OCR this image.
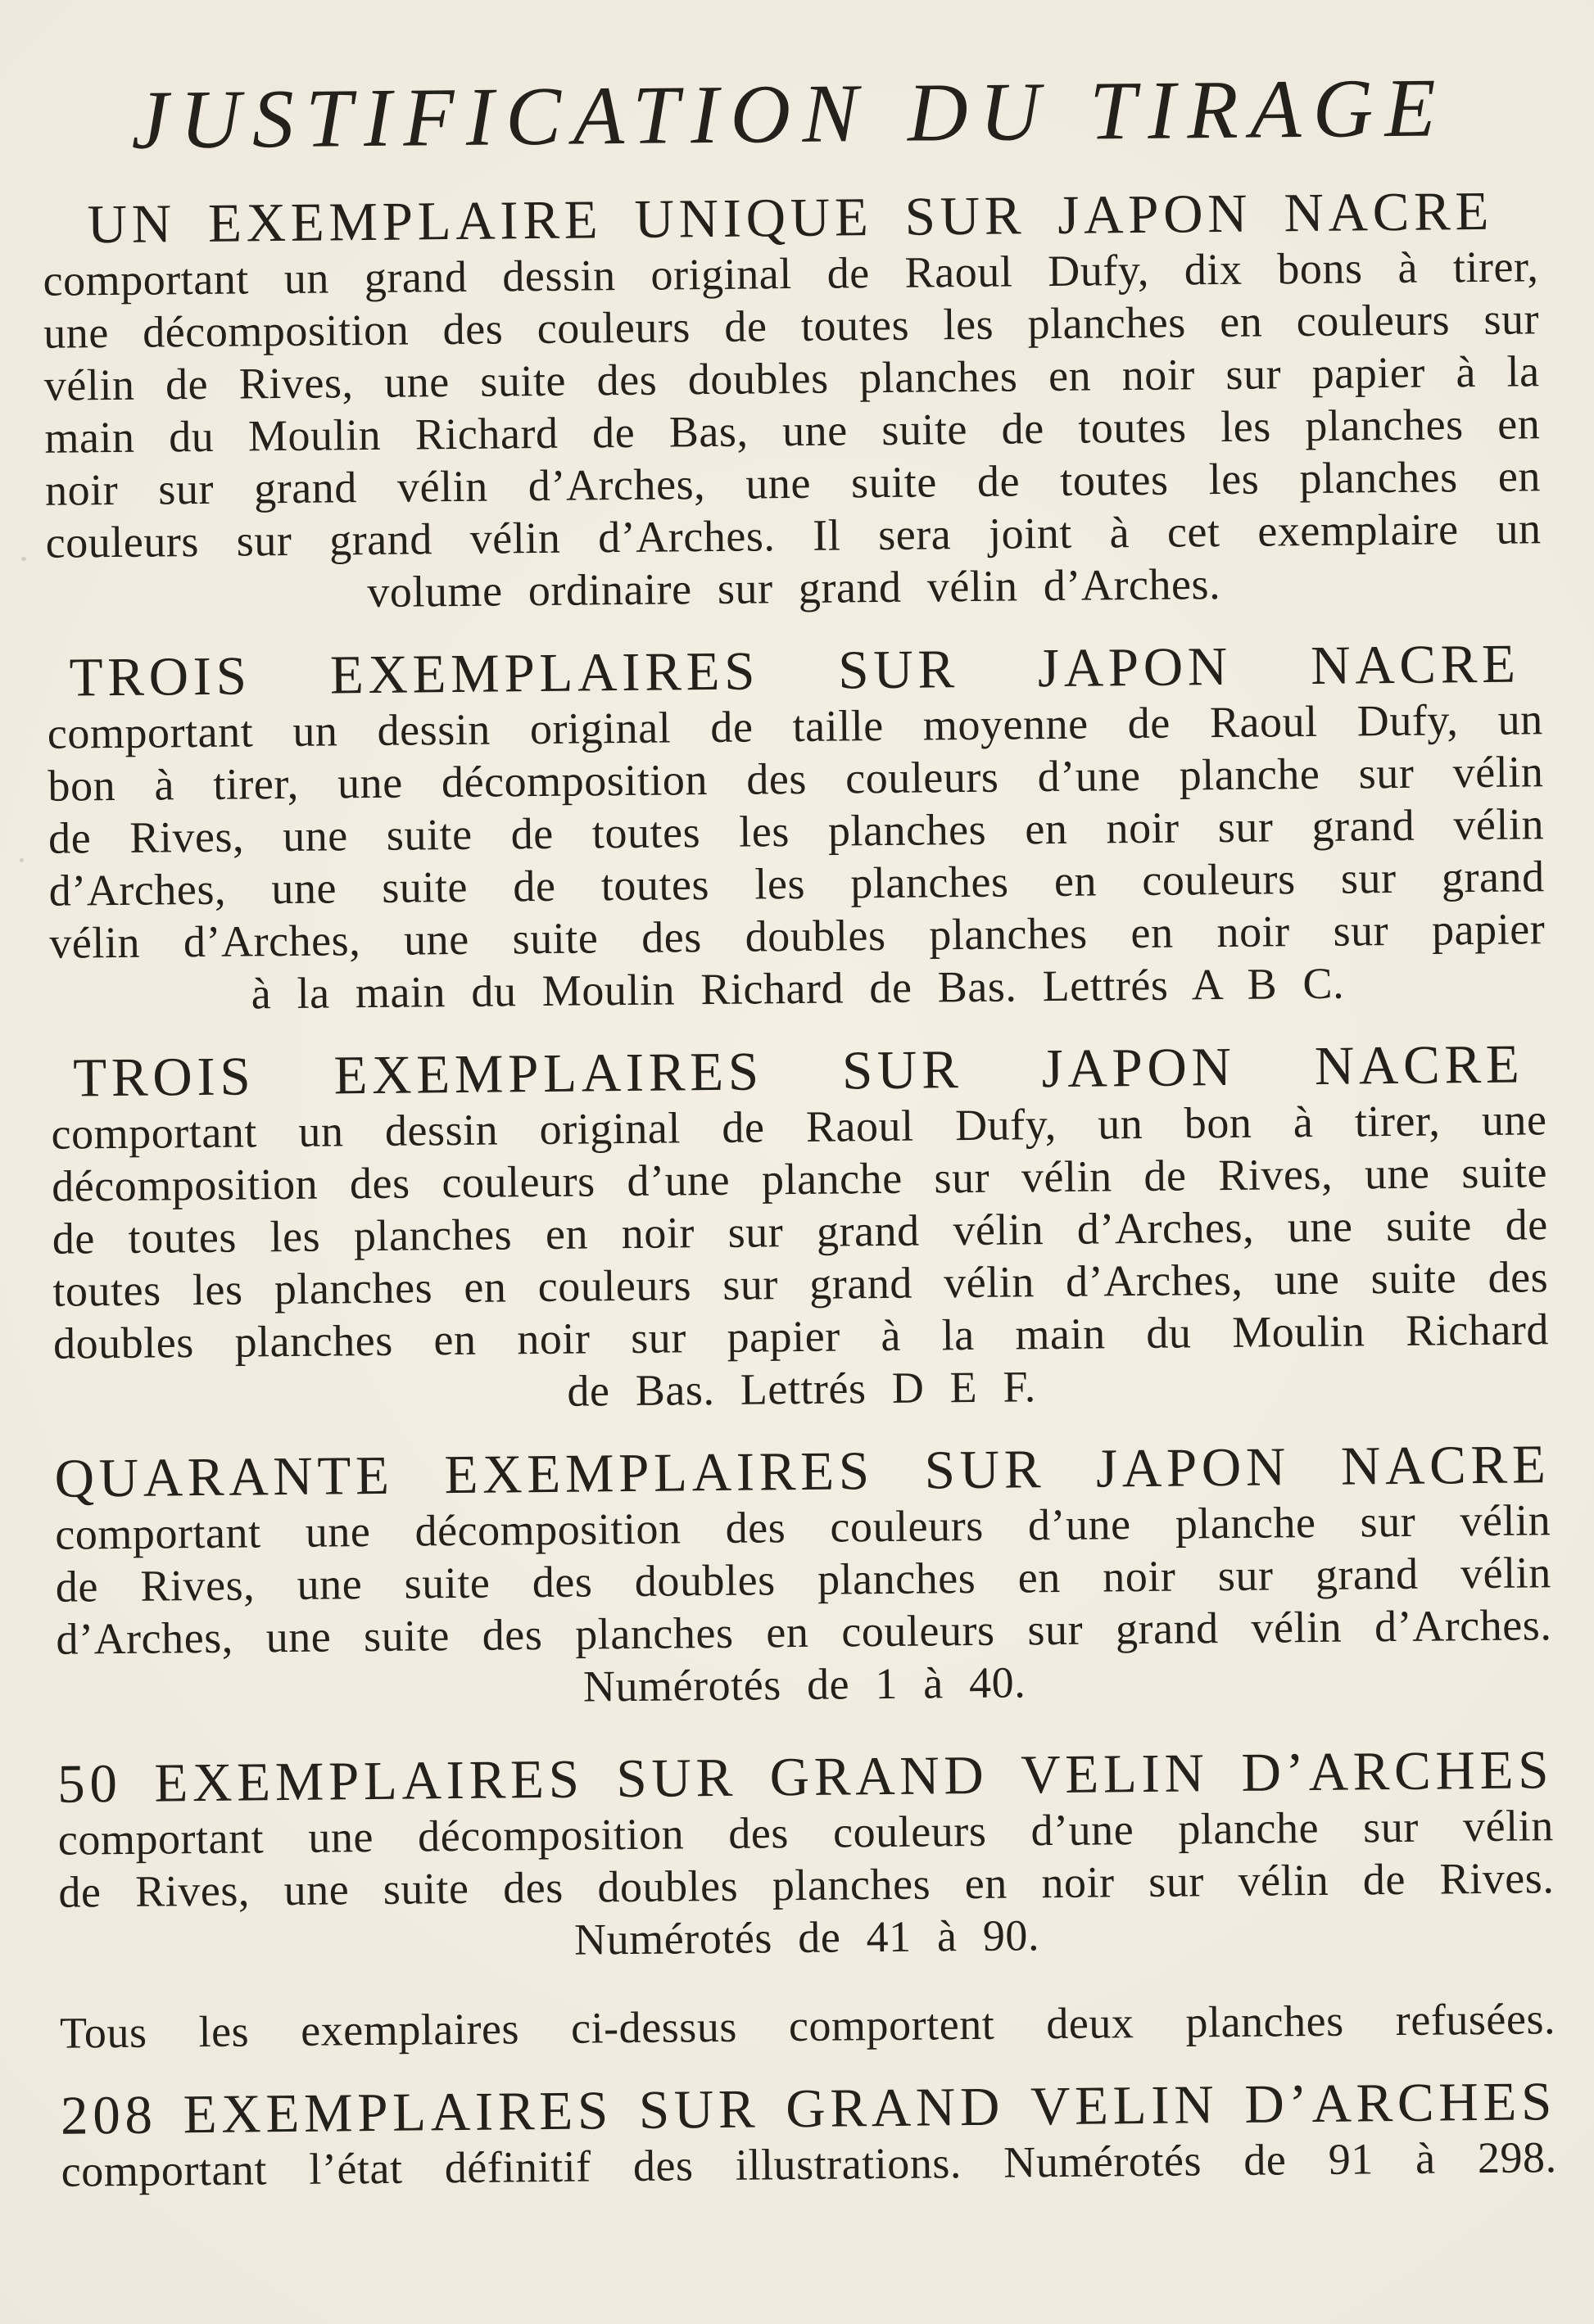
JUSTIFICATION DU TIRAGE
UN EXEMPLAIRE UNIQUE SUR JAPON NACRE
comportant un grand dessin original de Raoul Dufy, dix bons à tirer,
une décomposition des couleurs de toutes les planches en couleurs sur
vélin de Rives, une suite des doubles planches en noir sur papier à la
main du Moulin Richard de Bas, une suite de toutes les planches en
noir sur grand vélin d’Arches, une suite de toutes les planches en
couleurs sur grand vélin d’Arches. Il sera joint à cet exemplaire un
volume ordinaire sur grand vélin d’Arches.
TROIS EXEMPLAIRES SUR JAPON NACRE
comportant un dessin original de taille moyenne de Raoul Dufy, un
bon à tirer, une décomposition des couleurs d’une planche sur vélin
de Rives, une suite de toutes les planches en noir sur grand vélin
d’Arches, une suite de toutes les planches en couleurs sur grand
vélin d’Arches, une suite des doubles planches en noir sur papier
à la main du Moulin Richard de Bas. Lettrés A B C.
TROIS EXEMPLAIRES SUR JAPON NACRE
comportant un dessin original de Raoul Dufy, un bon à tirer, une
décomposition des couleurs d’une planche sur vélin de Rives, une suite
de toutes les planches en noir sur grand vélin d’Arches, une suite de
toutes les planches en couleurs sur grand vélin d’Arches, une suite des
doubles planches en noir sur papier à la main du Moulin Richard
de Bas. Lettrés D E F.
QUARANTE EXEMPLAIRES SUR JAPON NACRE
comportant une décomposition des couleurs d’une planche sur vélin
de Rives, une suite des doubles planches en noir sur grand vélin
d’Arches, une suite des planches en couleurs sur grand vélin d’Arches.
Numérotés de 1 à 40.
50 EXEMPLAIRES SUR GRAND VELIN D’ARCHES
comportant une décomposition des couleurs d’une planche sur vélin
de Rives, une suite des doubles planches en noir sur vélin de Rives.
Numérotés de 41 à 90.
Tous les exemplaires ci-dessus comportent deux planches refusées.
208 EXEMPLAIRES SUR GRAND VELIN D’ARCHES
comportant l’état définitif des illustrations. Numérotés de 91 à 298.
